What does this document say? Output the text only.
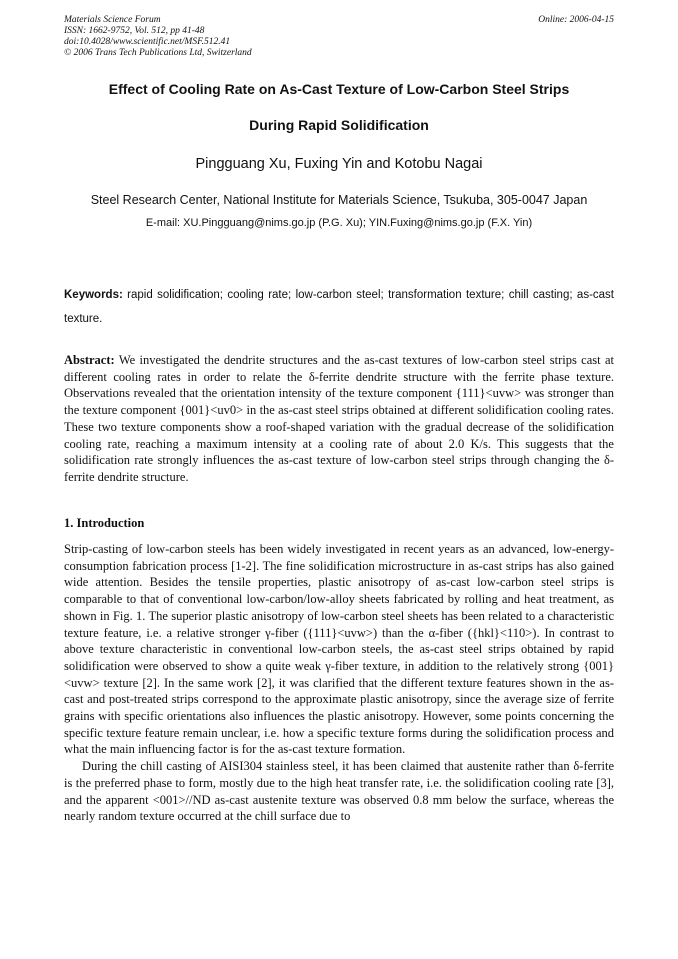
Materials Science Forum
ISSN: 1662-9752, Vol. 512, pp 41-48
doi:10.4028/www.scientific.net/MSF.512.41
© 2006 Trans Tech Publications Ltd, Switzerland
Online: 2006-04-15
Effect of Cooling Rate on As-Cast Texture of Low-Carbon Steel Strips
During Rapid Solidification
Pingguang Xu, Fuxing Yin and Kotobu Nagai
Steel Research Center, National Institute for Materials Science, Tsukuba, 305-0047 Japan
E-mail: XU.Pingguang@nims.go.jp (P.G. Xu); YIN.Fuxing@nims.go.jp (F.X. Yin)
Keywords: rapid solidification; cooling rate; low-carbon steel; transformation texture; chill casting; as-cast texture.

Abstract: We investigated the dendrite structures and the as-cast textures of low-carbon steel strips cast at different cooling rates in order to relate the δ-ferrite dendrite structure with the ferrite phase texture. Observations revealed that the orientation intensity of the texture component {111}<uvw> was stronger than the texture component {001}<uv0> in the as-cast steel strips obtained at different solidification cooling rates. These two texture components show a roof-shaped variation with the gradual decrease of the solidification cooling rate, reaching a maximum intensity at a cooling rate of about 2.0 K/s. This suggests that the solidification rate strongly influences the as-cast texture of low-carbon steel strips through changing the δ-ferrite dendrite structure.

1. Introduction

Strip-casting of low-carbon steels has been widely investigated in recent years as an advanced, low-energy-consumption fabrication process [1-2]. The fine solidification microstructure in as-cast strips has also gained wide attention. Besides the tensile properties, plastic anisotropy of as-cast low-carbon steel strips is comparable to that of conventional low-carbon/low-alloy sheets fabricated by rolling and heat treatment, as shown in Fig. 1. The superior plastic anisotropy of low-carbon steel sheets has been related to a characteristic texture feature, i.e. a relative stronger γ-fiber ({111}<uvw>) than the α-fiber ({hkl}<110>). In contrast to above texture characteristic in conventional low-carbon steels, the as-cast steel strips obtained by rapid solidification were observed to show a quite weak γ-fiber texture, in addition to the relatively strong {001}<uvw> texture [2]. In the same work [2], it was clarified that the different texture features shown in the as-cast and post-treated strips correspond to the approximate plastic anisotropy, since the average size of ferrite grains with specific orientations also influences the plastic anisotropy. However, some points concerning the specific texture feature remain unclear, i.e. how a specific texture forms during the solidification process and what the main influencing factor is for the as-cast texture formation.

During the chill casting of AISI304 stainless steel, it has been claimed that austenite rather than δ-ferrite is the preferred phase to form, mostly due to the high heat transfer rate, i.e. the solidification cooling rate [3], and the apparent <001>//ND as-cast austenite texture was observed 0.8 mm below the surface, whereas the nearly random texture occurred at the chill surface due to
